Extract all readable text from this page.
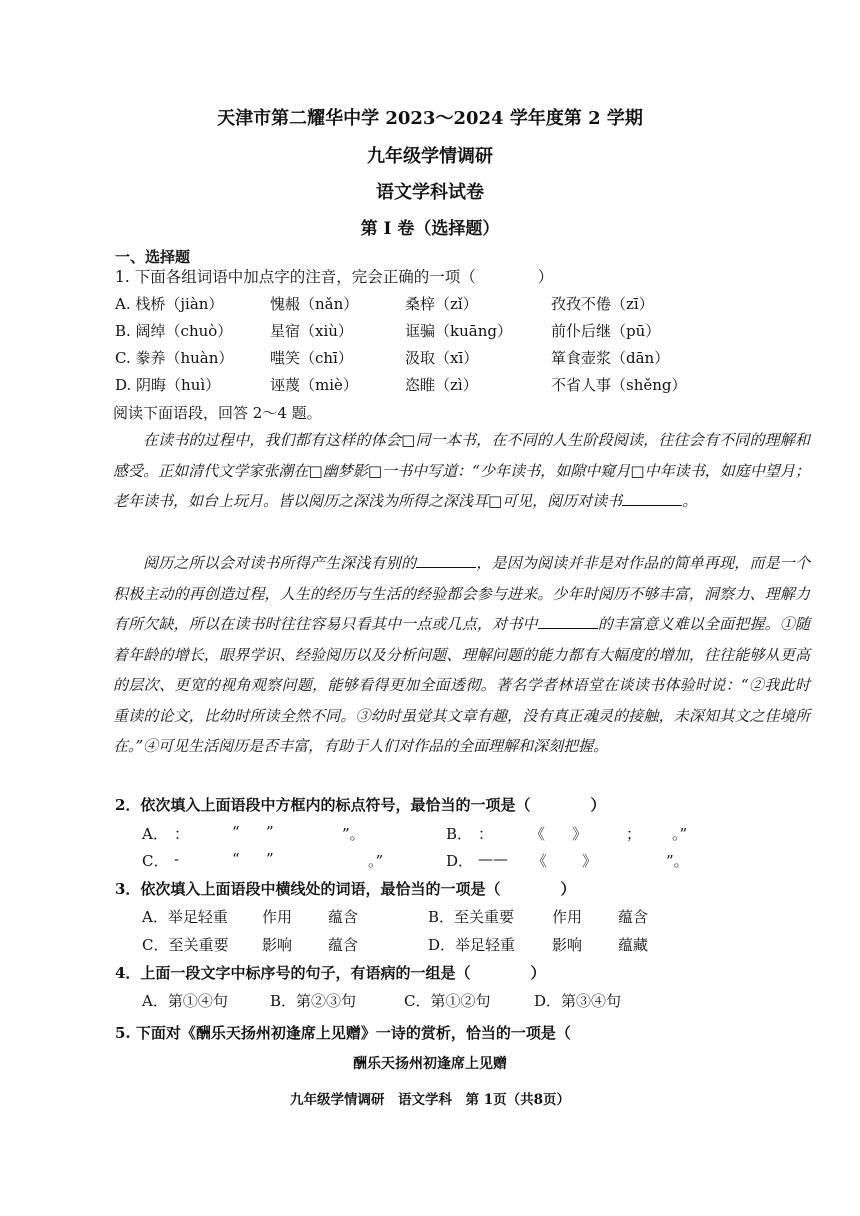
天津市第二耀华中学 2023～2024 学年度第 2 学期
九年级学情调研
语文学科试卷
第 I 卷（选择题）
一、选择题
1. 下面各组词语中加点字的注音，完会正确的一项（　　　　）
A. 栈桥（jiàn）	愧赧（nǎn）	桑梓（zǐ）	孜孜不倦（zī）
B. 阔绰（chuò）	星宿（xiù）	诓骗（kuāng）	前仆后继（pū）
C. 豢养（huàn） 嗤笑（chī）	汲取（xī）	箪食壶浆（dān）
D. 阴晦（huì）	诬蔑（miè）	恣睢（zì）	不省人事（shěng）
阅读下面语段，回答 2～4 题。
在读书的过程中，我们都有这样的体会□同一本书，在不同的人生阶段阅读，往往会有不同的理解和感受。正如清代文学家张潮在□幽梦影□一书中写道：“少年读书，如隙中窥月□中年读书，如庭中望月；老年读书，如台上玩月。皆以阅历之深浅为所得之深浅耳□可见，阅历对读书	。
阅历之所以会对读书所得产生深浅有别的	，是因为阅读并非是对作品的简单再现，而是一个积极主动的再创造过程，人生的经历与生活的经验都会参与进来。少年时阅历不够丰富，洞察力、理解力有所欠缺，所以在读书时往往容易只看其中一点或几点，对书中	的丰富意义难以全面把握。①随着年龄的增长，眼界学识、经验阅历以及分析问题、理解问题的能力都有大幅度的增加，往往能够从更高的层次、更宽的视角观察问题，能够看得更加全面透彻。著名学者林语堂在谈读书体验时说：“②我此时重读的论文，比幼时所读全然不同。③幼时虽觉其文章有趣，没有真正魂灵的接触，未深知其文之佳境所在。”④可见生活阅历是否丰富，有助于人们对作品的全面理解和深刻把握。
2．依次填入上面语段中方框内的标点符号，最恰当的一项是（　　　　）
A． ：	“ ”	”。	B． ： 《 》	； 。”
C． -	“ ”	。”	D． —— 《 》	”。
3．依次填入上面语段中横线处的词语，最恰当的一项是（　　　　）
A．举足轻重 作用 蕴含	B．至关重要	作用 蕴含
C．至关重要 影响 蕴含	D．举足轻重 影响 蕴藏
4．上面一段文字中标序号的句子，有语病的一组是（　　　　）
A．第①④句	B．第②③句	C．第①②句	D．第③④句
5. 下面对《酬乐天扬州初逢席上见赠》一诗的赏析，恰当的一项是（
酬乐天扬州初逢席上见赠
九年级学情调研　语文学科　第 1页（共8页）
